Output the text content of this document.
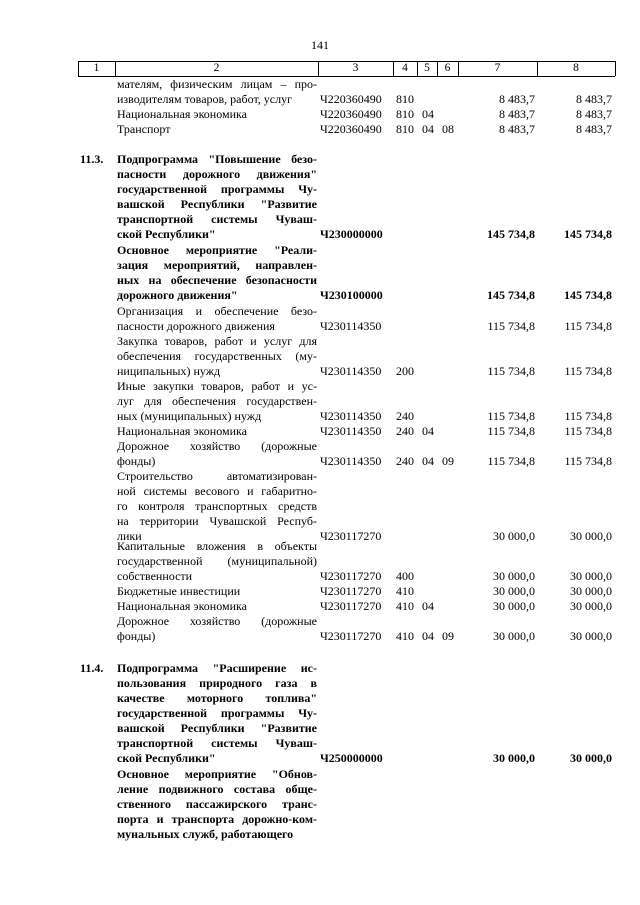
141
1	2	3	4	5	6	7	8
мателям, физическим лицам – про-
изводителям товаров, работ, услуг	Ч220360490	810	8 483,7	8 483,7
Национальная экономика	Ч220360490	810 04	8 483,7	8 483,7
Транспорт	Ч220360490	810 04 08	8 483,7	8 483,7
11.3.	Подпрограмма "Повышение безо-
пасности дорожного движения"
государственной программы Чу-
вашской Республики "Развитие
транспортной системы Чуваш-
ской Республики"	Ч230000000	145 734,8	145 734,8
Основное мероприятие "Реали-
зация мероприятий, направлен-
ных на обеспечение безопасности
дорожного движения"	Ч230100000	145 734,8	145 734,8
Организация и обеспечение безо-
пасности дорожного движения	Ч230114350	115 734,8	115 734,8
Закупка товаров, работ и услуг для
обеспечения государственных (му-
ниципальных) нужд	Ч230114350	200	115 734,8	115 734,8
Иные закупки товаров, работ и ус-
луг для обеспечения государствен-
ных (муниципальных) нужд	Ч230114350	240	115 734,8	115 734,8
Национальная экономика	Ч230114350	240 04	115 734,8	115 734,8
Дорожное хозяйство (дорожные
фонды)	Ч230114350	240 04 09	115 734,8	115 734,8
Строительство автоматизирован-
ной системы весового и габаритно-
го контроля транспортных средств
на территории Чувашской Респуб-
лики	Ч230117270	30 000,0	30 000,0
Капитальные вложения в объекты
государственной (муниципальной)
собственности	Ч230117270	400	30 000,0	30 000,0
Бюджетные инвестиции	Ч230117270	410	30 000,0	30 000,0
Национальная экономика	Ч230117270	410 04	30 000,0	30 000,0
Дорожное хозяйство (дорожные
фонды)	Ч230117270	410 04 09	30 000,0	30 000,0
11.4.	Подпрограмма "Расширение ис-
пользования природного газа в
качестве моторного топлива"
государственной программы Чу-
вашской Республики "Развитие
транспортной системы Чуваш-
ской Республики"	Ч250000000	30 000,0	30 000,0
Основное мероприятие "Обнов-
ление подвижного состава обще-
ственного пассажирского транс-
порта и транспорта дорожно-ком-
мунальных служб, работающего
